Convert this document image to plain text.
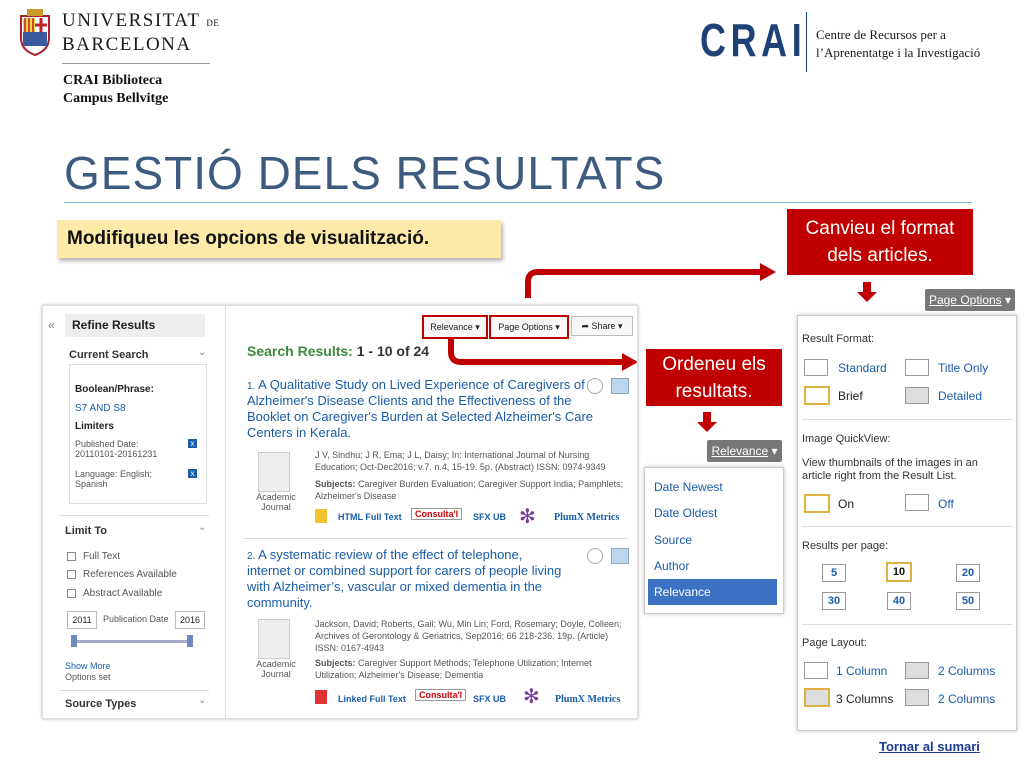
UNIVERSITAT DE
BARCELONA
CRAI Biblioteca
Campus Bellvitge
CRAI Centre de Recursos per a
l’Aprenentatge i la Investigació
GESTIÓ DELS RESULTATS
Modifiqueu les opcions de visualització.	Canvieu el format dels articles.
Ordeneu els resultats.
«	Refine Results
Current Search	⌄
Boolean/Phrase:
S7 AND S8
Limiters
Published Date: 20110101-20161231
x
Language: English; Spanish
x
Limit To	⌄
Full Text
References Available
Abstract Available
2011	Publication Date	2016
Show More
Options set
Source Types	⌄
Relevance ▾	Page Options ▾	➦ Share ▾
Search Results: 1 - 10 of 24
1. A Qualitative Study on Lived Experience of Caregivers of Alzheimer's Disease Clients and the Effectiveness of the Booklet on Caregiver's Burden at Selected Alzheimer's Care Centers in Kerala.
Academic Journal
J V, Sindhu; J R, Ema; J L, Daisy; In: International Journal of Nursing Education; Oct-Dec2016; v.7. n.4, 15-19. 5p. (Abstract) ISSN: 0974-9349
Subjects: Caregiver Burden Evaluation; Caregiver Support India; Pamphlets; Alzheimer's Disease
HTML Full Text	Consulta'l	SFX UB ✻ PlumX Metrics
2. A systematic review of the effect of telephone, internet or combined support for carers of people living with Alzheimer’s, vascular or mixed dementia in the community.
Academic Journal
Jackson, David; Roberts, Gail; Wu, Min Lin; Ford, Rosemary; Doyle, Colleen; Archives of Gerontology & Geriatrics, Sep2016; 66 218-236. 19p. (Article) ISSN: 0167-4943
Subjects: Caregiver Support Methods; Telephone Utilization; Internet Utilization; Alzheimer's Disease; Dementia
Linked Full Text	Consulta'l	SFX UB ✻ PlumX Metrics
Page Options ▾
Result Format:
Standard	Title Only
Brief	Detailed
Image QuickView:
View thumbnails of the images in an article right from the Result List.
On	Off
Results per page:
5	10	20
30	40	50
Page Layout:
1 Column	2 Columns
3 Columns	2 Columns
Relevance ▾
Date Newest
Date Oldest
Source
Author
Relevance
Tornar al sumari
